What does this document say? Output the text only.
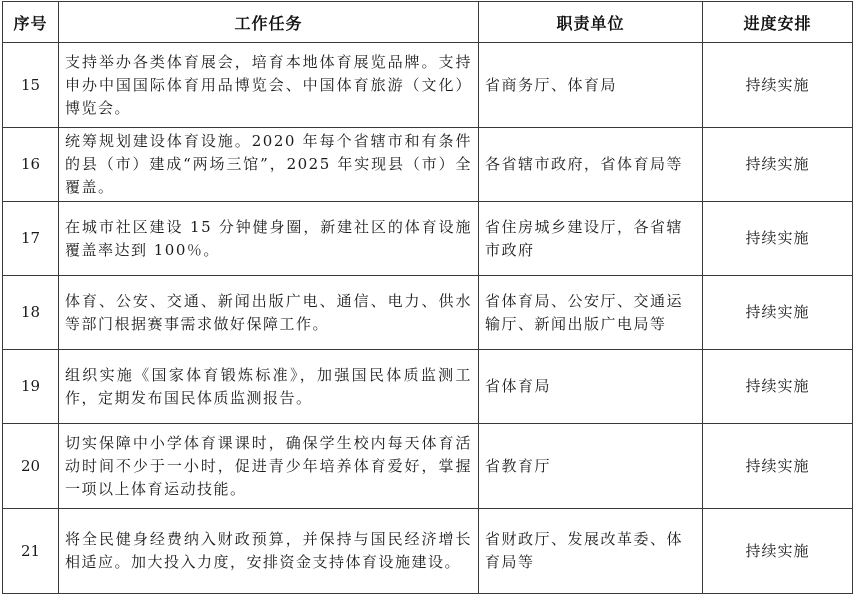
序号	工作任务	职责单位	进度安排
15	支持举办各类体育展会，培育本地体育展览品牌。支持申办中国国际体育用品博览会、中国体育旅游（文化）博览会。	省商务厅、体育局	持续实施
16	统筹规划建设体育设施。2020 年每个省辖市和有条件的县（市）建成“两场三馆”，2025 年实现县（市）全覆盖。	各省辖市政府，省体育局等	持续实施
17	在城市社区建设 15 分钟健身圈，新建社区的体育设施覆盖率达到 100％。	省住房城乡建设厅，各省辖市政府	持续实施
18	体育、公安、交通、新闻出版广电、通信、电力、供水等部门根据赛事需求做好保障工作。	省体育局、公安厅、交通运输厅、新闻出版广电局等	持续实施
19	组织实施《国家体育锻炼标准》，加强国民体质监测工作，定期发布国民体质监测报告。	省体育局	持续实施
20	切实保障中小学体育课课时，确保学生校内每天体育活动时间不少于一小时，促进青少年培养体育爱好，掌握一项以上体育运动技能。	省教育厅	持续实施
21	将全民健身经费纳入财政预算，并保持与国民经济增长相适应。加大投入力度，安排资金支持体育设施建设。	省财政厅、发展改革委、体育局等	持续实施
